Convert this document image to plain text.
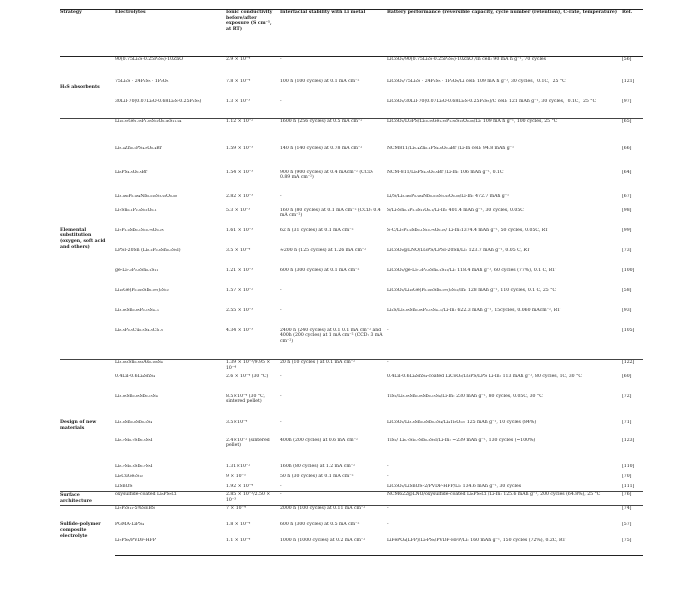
Strategy	Electrolytes	Ionic conductivity before/after exposure (S cm⁻¹, at RT)	Interfacial stability with Li metal	Battery performance (reversible capacity, cycle number (retention), C-rate, temperature)	Ref.
H₂S absorbents	90(0.75Li₂S·0.25P₂S₅)·10ZnO	2.9 × 10⁻⁴	-	LiCoO₂/90(0.75Li₂S·0.25P₂S₅)·10ZnO /In cell: 90 mA h g⁻¹, 70 cycles	[56]
	75Li₂S · 24P₂S₅ · 1P₂O₅	7.8 × 10⁻⁴	100 h (100 cycles) at 0.1 mA cm⁻²	LiCoO₂/75Li₂S · 24P₂S₅ · 1P₂O₅/Li cell: 109 mA h g⁻¹, 30 cycles，0.1C，25 °C	[121]
	30LiI·70(0.07Li₂O·0.68Li₂S·0.25P₂S₅)	1.3 × 10⁻³	-	LiCoO₂/30LiI·70(0.07Li₂O·0.68Li₂S·0.25P₂S₅)/C cell: 121 mAh g⁻¹, 30 cycles，0.1C，25 °C	[97]
Elemental substitution (oxygen, soft acid and others)	Li₁₀.₃₅Ge₁.₃₅P₁.₆₅S₁₂O₀.₀₆S₁₁.₉₄	1.12 × 10⁻²	1600 h (256 cycles) at 0.5 mA cm⁻²	LiCoO₂/LGPS/Li₁₀.₃₅Ge₁.₃₅P₁.₆₅S₁₂O₀.₀₆/Li: 109 mA h g⁻¹, 100 cycles, 25 °C	[65]
	Li₅.₄Zn₀.₁PS₄.₆O₀.₄Br	1.59 × 10⁻³	140 h (140 cycles) at 0.78 mA cm⁻²	NCM811/Li₅.₄Zn₀.₁PS₄.₆O₀.₄Br /Li-In cell: 94.8 mAh g⁻¹	[66]
	Li₆PS₄.₅O₀.₅Br	1.54 × 10⁻³	900 h (900 cycles) at 0.4 mAcm⁻² (CCD: 0.89 mA cm⁻²)	NCM-811/Li₆PS₄.₅O₀.₅Br /Li-In: 106 mAh g⁻¹, 0.1C	[64]
	Li₃.₀₈₀P₀.₉₈₄Nb₀.₀₁₆S₃.₉₂O₀.₀₈	2.82 × 10⁻³	-	Li/S/Li₃.₀₈₀P₀.₉₈₄Nb₀.₀₁₆S₃.₉₂O₀.₀₈/Li-In: 472.7 mAh g⁻¹	[67]
	Li₇Sn₀.₁P₂.₉S₁₁O₀.₁	5.3 × 10⁻³	160 h (80 cycles) at 0.1 mA cm⁻² (CCD: 0.4 mA cm⁻²)	S/Li₇Sn₀.₁P₂.₉S₁₁O₀.₁/Li-In: 401.4 mAh g⁻¹, 30 cycles, 0.05C	[98]
	Li₇P₂.₉Sb₀.₁S₁₀.₇₅O₀.₂₅	1.61 × 10⁻³	62 h (31 cycles) at 0.1 mA cm⁻²	S-C/Li₇P₂.₉Sb₀.₁S₁₀.₇₅O₀.₂₅/ Li-In:1374.4 mAh g⁻¹, 50 cycles, 0.05C, RT	[99]
	LPSI-20Sn (Li₆.₂P₀.₈Sn₀.₂S₅I)	3.5 × 10⁻⁴	≈200 h (125 cycles) at 1.26 mA cm⁻²	LiCoO₂@LNO/LGPS/LPSI-20Sn/Li: 123.7 mAh g⁻¹, 0.05 C, RT	[73]
	ge-Li₇.₂P₂.₈Sn₀.₂S₁₁	1.21 × 10⁻³	600 h (300 cycles) at 0.1 mA cm⁻²	LiCoO₂/ge-Li₇.₂P₂.₈Sn₀.₂S₁₁/Li: 118.4 mAh g⁻¹, 60 cycles (77%), 0.1 C, RT	[100]
	Li₁₀Ge(P₀.₉₂₅Sb₀.₀₇₅)₂S₁₂	1.57 × 10⁻²	-	LiCoO₂/Li₁₀Ge(P₀.₉₂₅Sb₀.₀₇₅)₂S₁₂/In: 128 mAh g⁻¹, 110 cycles, 0.1 C, 25 °C	[58]
	Li₃.₈₅Sn₀.₈₅P₀.₁₅S₄₋ₓ	2.55 × 10⁻³	-	Li₂S/Li₃.₈₅Sn₀.₈₅P₀.₁₅S₄₋ₓ/Li-In: 622.3 mAh g⁻¹, 15cycles, 0.060 mAcm⁻², RT	[93]
	Li₆.₅P₀.₅Cu₀.₅S₄.₅Cl₁.₅	4.34 × 10⁻³	2400 h (240 cycles) at 0.1 0.1 mA cm⁻² and 400h (200 cycles) at 1 mA cm⁻² (CCD: 3 mA cm⁻²)	-	[105]
Design of new materials	Li₃.₈₃₃Sn₀.₈₃₃As₀.₁₆₆S₄	1.39 × 10⁻³/9.95 × 10⁻⁴	20 h (10 cycles ) at 0.1 mA cm⁻²	-	[122]
	0.4LiI-0.6Li₄SnS₄	2.6 × 10⁻⁴ (30 °C)	-	0.4LiI-0.6Li₄SnS₄-coated LiCoO₂/LGPS/LPS Li-In: 113 mAh g⁻¹, 80 cycles, 1C, 30 °C	[60]
	Li₃.₈₅Sn₀.₈₅Sb₀.₁₅S₄	8.5×10⁻⁴ (30 °C, sintered pellet)	-	TiS₂/Li₃.₈₅Sn₀.₈₅Sb₀.₁₅S₄/Li-In: 230 mAh g⁻¹, 80 cycles, 0.05C, 30 °C	[72]
	Li₃.₈Sn₀.₈Sb₀.₂S₄	3.5×10⁻⁴	-	LiCoO₂/Li₃.₈Sn₀.₈Sb₀.₂S₄/Li₄Ti₅O₁₂: 125 mAh g⁻¹, 10 cycles (84%)	[71]
	Li₆.₇Si₀.₇Sb₀.₃S₅I	2.4×10⁻² (sintered pellet)	400h (200 cycles) at 0.6 mA cm⁻²	TiS₂/ Li₆.₇Si₀.₇Sb₀.₃S₅I/Li-In: ~239 mAh g⁻¹, 130 cycles (~100%)	[123]
	Li₆.₇Si₀.₃Sb₀.₇S₅I	1.31×10⁻²	160h (80 cycles) at 1.2 mA cm⁻²	-	[110]
	Li₆CuGe₂S₁₂	9 × 10⁻⁵	50 h (30 cycles) at 0.1 mA cm⁻²	-	[70]
	LiSnOS	1.92 × 10⁻⁴	-	LiCoO₂/LiSnOS-2/PVDF-HFP/Li: 134.6 mAh g⁻¹, 30 cycles	[111]
Surface architecture	oxysulfide-coated Li₆PS₅Cl	2.85 × 10⁻³/2.50 × 10⁻³	-	NCM622@LNO/oxysulfide-coated Li₆PS₅Cl /Li-In: 125.6 mAh g⁻¹, 200 cycles (64.8%), 25 °C	[76]
Sulfide-polymer composite electrolyte	Li₇P₃S₁₁-5%SEBS	7 × 10⁻⁴	2000 h (100 cycles) at 0.11 mA cm⁻²	-	[74]
	PGMA-LiPS₄	1.8 × 10⁻⁴	600 h (300 cycles) at 0.5 mA cm⁻²	-	[57]
	Li₇PS₆/PVDF-HFP	1.1 × 10⁻⁴	1000 h (1000 cycles) at 0.2 mA cm⁻²	LiFePO₄(LFP)/Li₇PS₆/PVDF-HFP/Li: 160 mAh g⁻¹, 150 cycles (72%), 0.2C, RT	[75]
